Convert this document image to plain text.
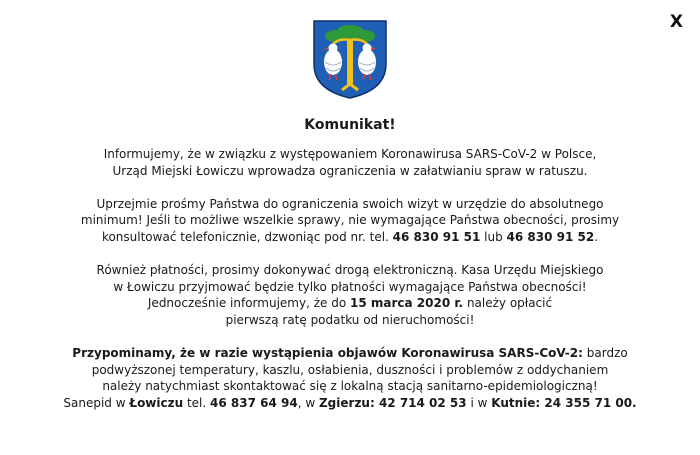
X
Komunikat!

Informujemy, że w związku z występowaniem Koronawirusa SARS-CoV-2 w Polsce,
Urząd Miejski Łowiczu wprowadza ograniczenia w załatwianiu spraw w ratuszu.

Uprzejmie prośmy Państwa do ograniczenia swoich wizyt w urzędzie do absolutnego
minimum! Jeśli to możliwe wszelkie sprawy, nie wymagające Państwa obecności, prosimy
konsultować telefonicznie, dzwoniąc pod nr. tel. 46 830 91 51 lub 46 830 91 52.

Również płatności, prosimy dokonywać drogą elektroniczną. Kasa Urzędu Miejskiego
w Łowiczu przyjmować będzie tylko płatności wymagające Państwa obecności!
Jednocześnie informujemy, że do 15 marca 2020 r. należy opłacić
pierwszą ratę podatku od nieruchomości!

Przypominamy, że w razie wystąpienia objawów Koronawirusa SARS-CoV-2: bardzo
podwyższonej temperatury, kaszlu, osłabienia, duszności i problemów z oddychaniem
należy natychmiast skontaktować się z lokalną stacją sanitarno-epidemiologiczną!
Sanepid w Łowiczu tel. 46 837 64 94, w Zgierzu: 42 714 02 53 i w Kutnie: 24 355 71 00.
